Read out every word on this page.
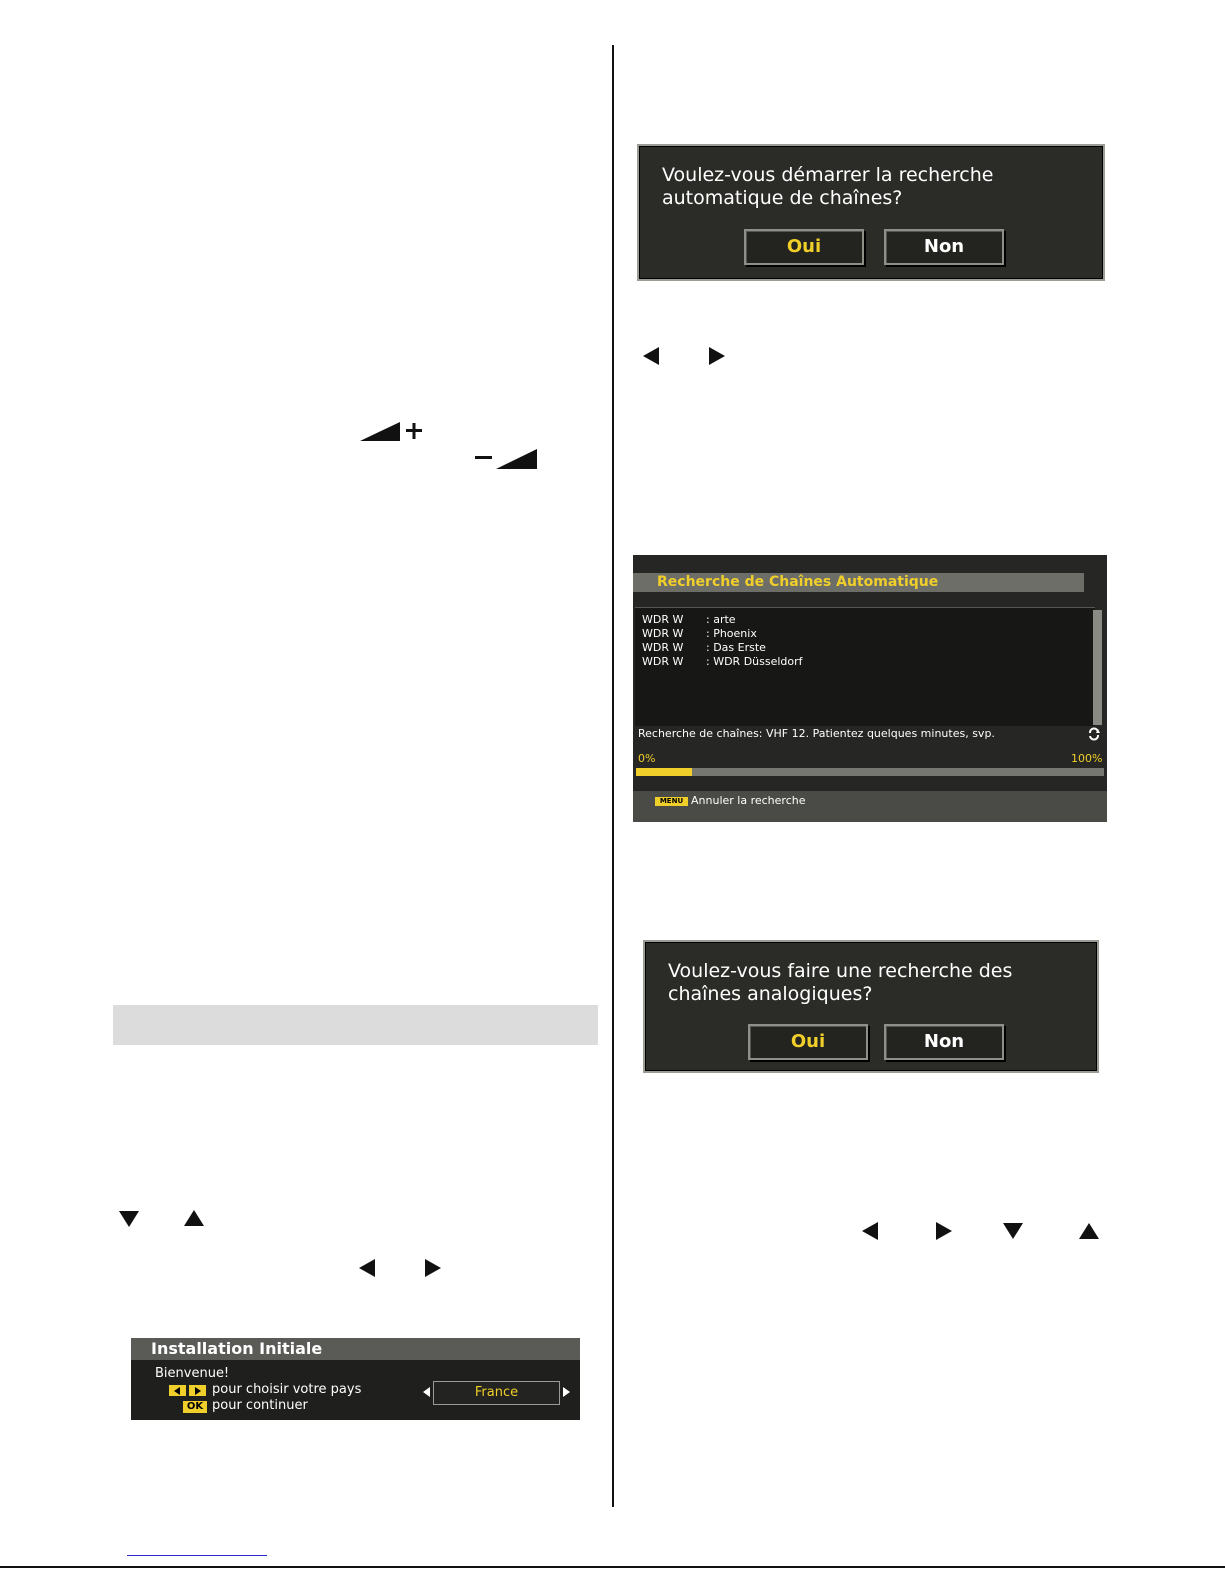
Voulez-vous démarrer la recherche
automatique de chaînes?
Oui	Non
Recherche de Chaînes Automatique
WDR W : arte
WDR W : Phoenix
WDR W : Das Erste
WDR W : WDR Düsseldorf
Recherche de chaînes: VHF 12. Patientez quelques minutes, svp.
0%	100%
MENU Annuler la recherche
Voulez-vous faire une recherche des
chaînes analogiques?
Oui	Non
Installation Initiale
Bienvenue!
pour choisir votre pays
OK pour continuer
France
